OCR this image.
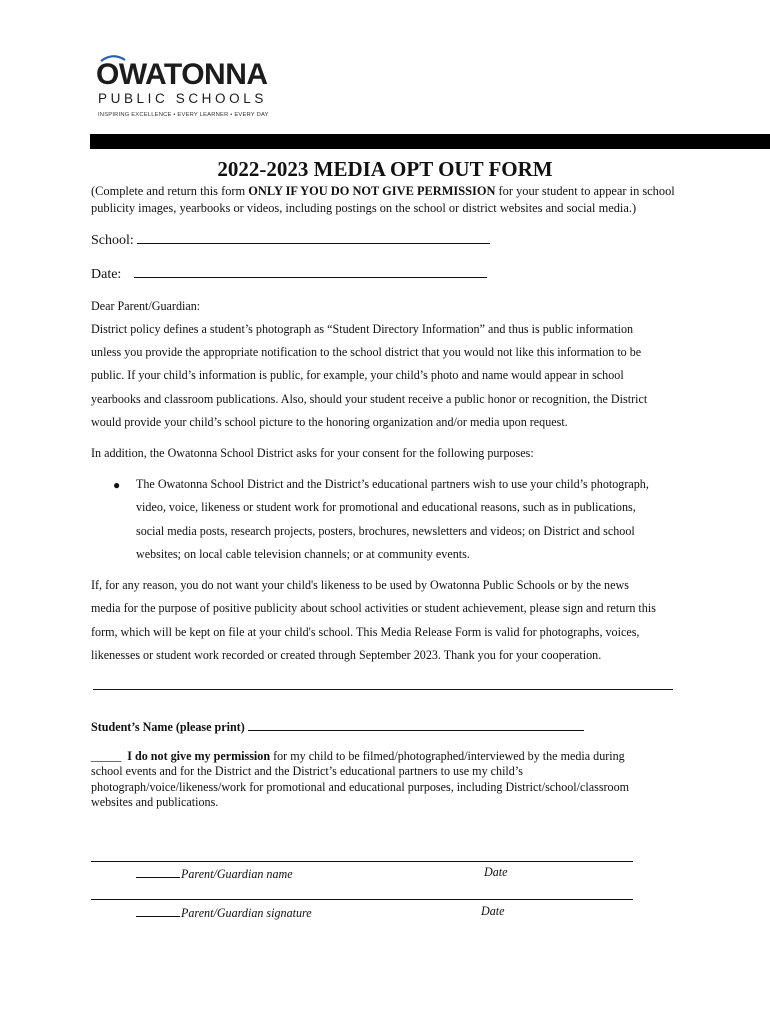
OWATONNA
PUBLIC SCHOOLS
INSPIRING EXCELLENCE • EVERY LEARNER • EVERY DAY
2022-2023 MEDIA OPT OUT FORM
(Complete and return this form ONLY IF YOU DO NOT GIVE PERMISSION for your student to appear in school publicity images, yearbooks or videos, including postings on the school or district websites and social media.)
School:
Date:
Dear Parent/Guardian:
District policy defines a student’s photograph as “Student Directory Information” and thus is public information
unless you provide the appropriate notification to the school district that you would not like this information to be
public. If your child’s information is public, for example, your child’s photo and name would appear in school
yearbooks and classroom publications. Also, should your student receive a public honor or recognition, the District
would provide your child’s school picture to the honoring organization and/or media upon request.
In addition, the Owatonna School District asks for your consent for the following purposes:
● The Owatonna School District and the District’s educational partners wish to use your child’s photograph,
video, voice, likeness or student work for promotional and educational reasons, such as in publications,
social media posts, research projects, posters, brochures, newsletters and videos; on District and school
websites; on local cable television channels; or at community events.
If, for any reason, you do not want your child's likeness to be used by Owatonna Public Schools or by the news
media for the purpose of positive publicity about school activities or student achievement, please sign and return this
form, which will be kept on file at your child's school. This Media Release Form is valid for photographs, voices,
likenesses or student work recorded or created through September 2023. Thank you for your cooperation.
Student’s Name (please print)
_____ I do not give my permission for my child to be filmed/photographed/interviewed by the media during
school events and for the District and the District’s educational partners to use my child’s
photograph/voice/likeness/work for promotional and educational purposes, including District/school/classroom
websites and publications.
Parent/Guardian name	Date
Parent/Guardian signature	Date
